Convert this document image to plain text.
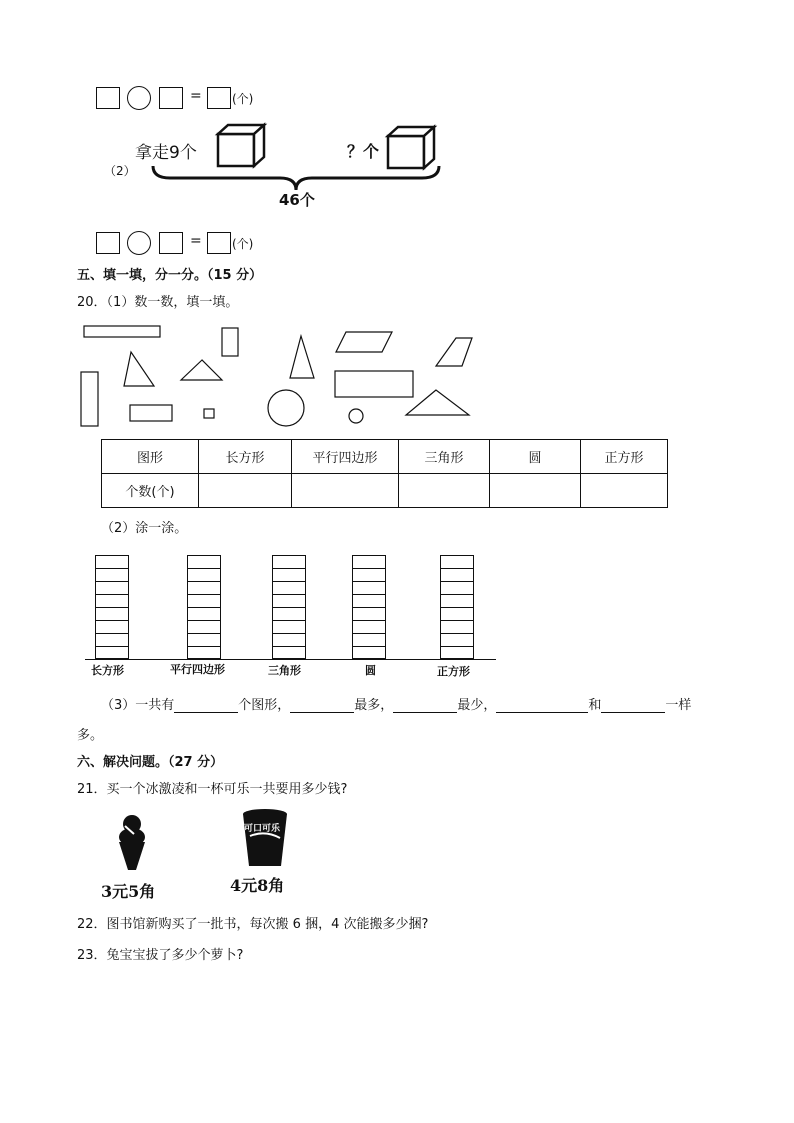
=	(个)
（2）
拿走9个	？个
46个
=	(个)
五、填一填，分一分。（15 分）
20．（1）数一数，填一填。
图形	长方形	平行四边形	三角形	圆	正方形
个数(个)					
（2）涂一涂。
长方形	平行四边形	三角形	圆	正方形
（3）一共有	个图形，	最多，	最少，	和	一样
多。
六、解决问题。（27 分）
21．买一个冰激凌和一杯可乐一共要用多少钱?
3元5角
可口可乐
4元8角
22．图书馆新购买了一批书，每次搬 6 捆，4 次能搬多少捆?
23．兔宝宝拔了多少个萝卜?
